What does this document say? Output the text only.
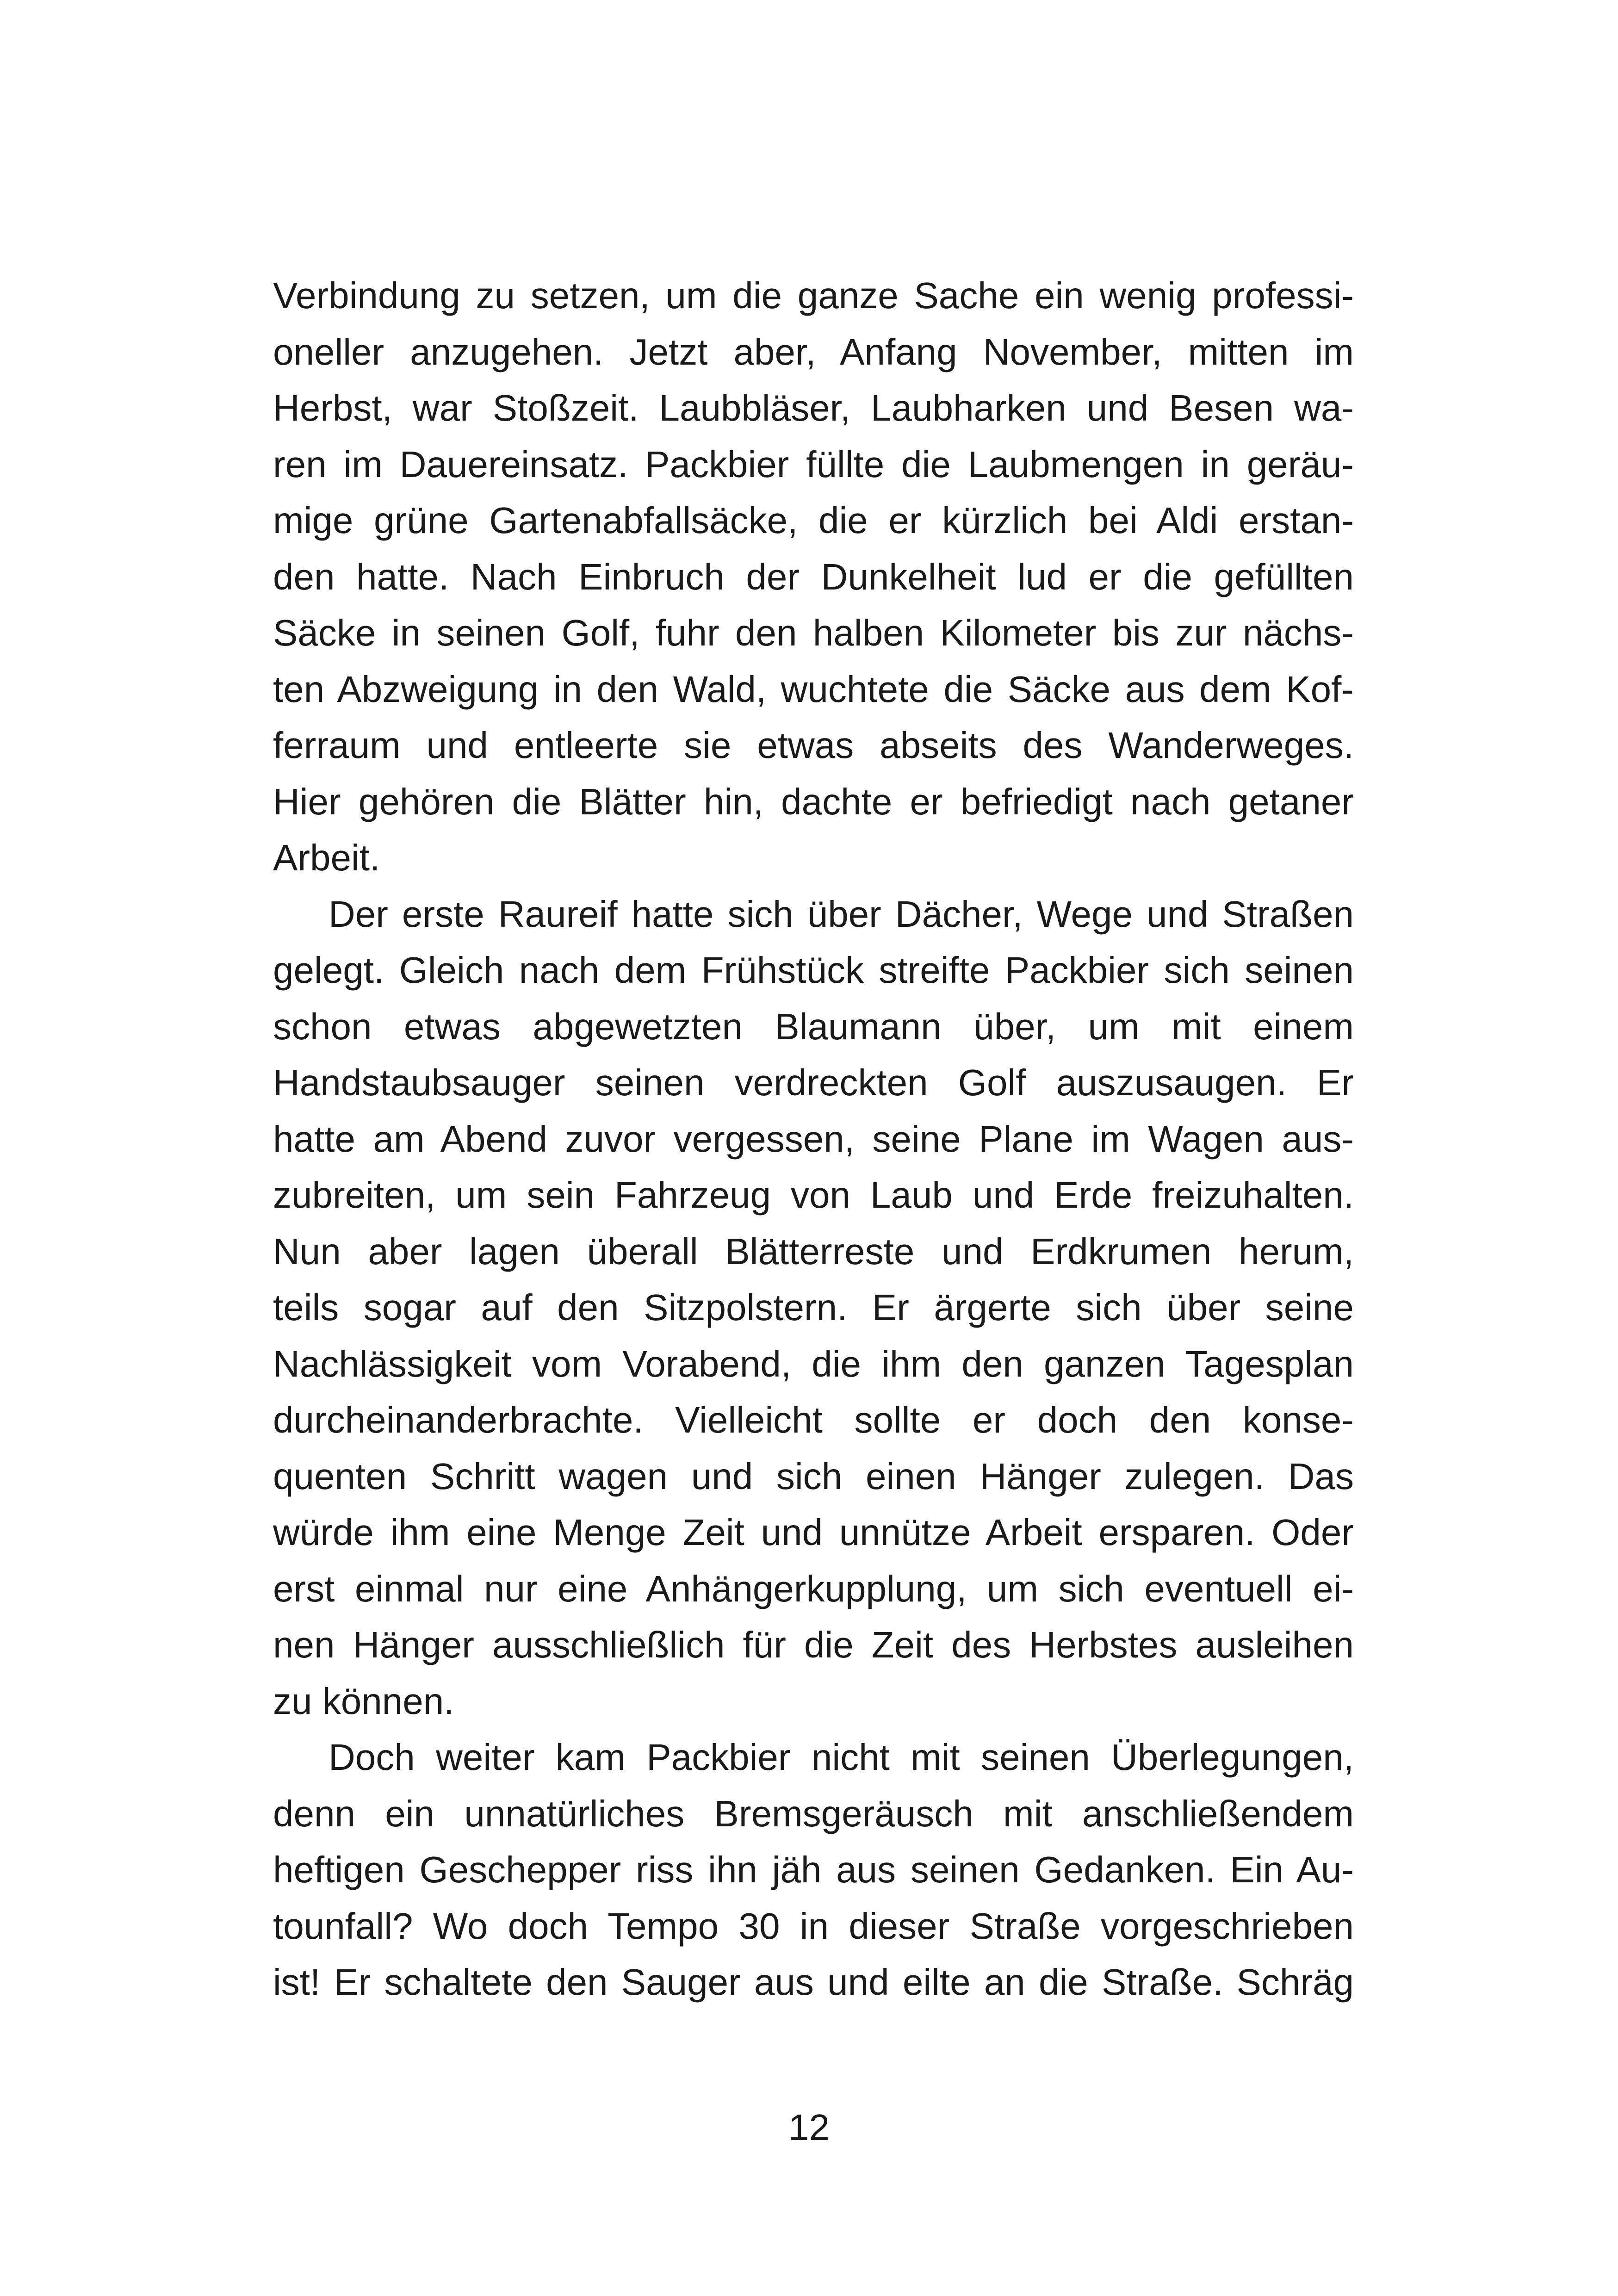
Verbindung zu setzen, um die ganze Sache ein wenig professi-
oneller anzugehen. Jetzt aber, Anfang November, mitten im
Herbst, war Stoßzeit. Laubbläser, Laubharken und Besen wa-
ren im Dauereinsatz. Packbier füllte die Laubmengen in geräu-
mige grüne Gartenabfallsäcke, die er kürzlich bei Aldi erstan-
den hatte. Nach Einbruch der Dunkelheit lud er die gefüllten
Säcke in seinen Golf, fuhr den halben Kilometer bis zur nächs-
ten Abzweigung in den Wald, wuchtete die Säcke aus dem Kof-
ferraum und entleerte sie etwas abseits des Wanderweges.
Hier gehören die Blätter hin, dachte er befriedigt nach getaner
Arbeit.
Der erste Raureif hatte sich über Dächer, Wege und Straßen
gelegt. Gleich nach dem Frühstück streifte Packbier sich seinen
schon etwas abgewetzten Blaumann über, um mit einem
Handstaubsauger seinen verdreckten Golf auszusaugen. Er
hatte am Abend zuvor vergessen, seine Plane im Wagen aus-
zubreiten, um sein Fahrzeug von Laub und Erde freizuhalten.
Nun aber lagen überall Blätterreste und Erdkrumen herum,
teils sogar auf den Sitzpolstern. Er ärgerte sich über seine
Nachlässigkeit vom Vorabend, die ihm den ganzen Tagesplan
durcheinanderbrachte. Vielleicht sollte er doch den konse-
quenten Schritt wagen und sich einen Hänger zulegen. Das
würde ihm eine Menge Zeit und unnütze Arbeit ersparen. Oder
erst einmal nur eine Anhängerkupplung, um sich eventuell ei-
nen Hänger ausschließlich für die Zeit des Herbstes ausleihen
zu können.
Doch weiter kam Packbier nicht mit seinen Überlegungen,
denn ein unnatürliches Bremsgeräusch mit anschließendem
heftigen Geschepper riss ihn jäh aus seinen Gedanken. Ein Au-
tounfall? Wo doch Tempo 30 in dieser Straße vorgeschrieben
ist! Er schaltete den Sauger aus und eilte an die Straße. Schräg
12
